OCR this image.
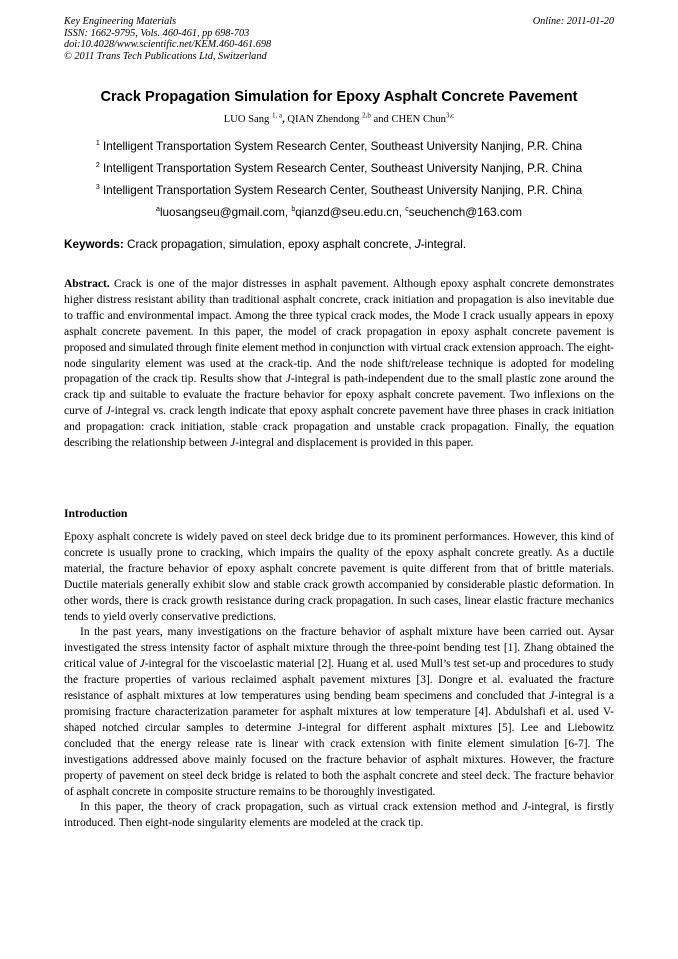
Key Engineering Materials
ISSN: 1662-9795, Vols. 460-461, pp 698-703
doi:10.4028/www.scientific.net/KEM.460-461.698
© 2011 Trans Tech Publications Ltd, Switzerland
Online: 2011-01-20
Crack Propagation Simulation for Epoxy Asphalt Concrete Pavement
LUO Sang $^{1, a}$, QIAN Zhendong $^{2,b}$ and CHEN Chun$^{3,c}$
$^1$ Intelligent Transportation System Research Center, Southeast University Nanjing, P.R. China
$^2$ Intelligent Transportation System Research Center, Southeast University Nanjing, P.R. China
$^3$ Intelligent Transportation System Research Center, Southeast University Nanjing, P.R. China
$^a$luosangseu@gmail.com, $^b$qianzd@seu.edu.cn, $^c$seuchench@163.com
Keywords: Crack propagation, simulation, epoxy asphalt concrete, J-integral.

Abstract. Crack is one of the major distresses in asphalt pavement. Although epoxy asphalt concrete demonstrates higher distress resistant ability than traditional asphalt concrete, crack initiation and propagation is also inevitable due to traffic and environmental impact. Among the three typical crack modes, the Mode I crack usually appears in epoxy asphalt concrete pavement. In this paper, the model of crack propagation in epoxy asphalt concrete pavement is proposed and simulated through finite element method in conjunction with virtual crack extension approach. The eight-node singularity element was used at the crack-tip. And the node shift/release technique is adopted for modeling propagation of the crack tip. Results show that J-integral is path-independent due to the small plastic zone around the crack tip and suitable to evaluate the fracture behavior for epoxy asphalt concrete pavement. Two inflexions on the curve of J-integral vs. crack length indicate that epoxy asphalt concrete pavement have three phases in crack initiation and propagation: crack initiation, stable crack propagation and unstable crack propagation. Finally, the equation describing the relationship between J-integral and displacement is provided in this paper.

Introduction

Epoxy asphalt concrete is widely paved on steel deck bridge due to its prominent performances. However, this kind of concrete is usually prone to cracking, which impairs the quality of the epoxy asphalt concrete greatly. As a ductile material, the fracture behavior of epoxy asphalt concrete pavement is quite different from that of brittle materials. Ductile materials generally exhibit slow and stable crack growth accompanied by considerable plastic deformation. In other words, there is crack growth resistance during crack propagation. In such cases, linear elastic fracture mechanics tends to yield overly conservative predictions.

In the past years, many investigations on the fracture behavior of asphalt mixture have been carried out. Aysar investigated the stress intensity factor of asphalt mixture through the three-point bending test [1]. Zhang obtained the critical value of J-integral for the viscoelastic material [2]. Huang et al. used Mull’s test set-up and procedures to study the fracture properties of various reclaimed asphalt pavement mixtures [3]. Dongre et al. evaluated the fracture resistance of asphalt mixtures at low temperatures using bending beam specimens and concluded that J-integral is a promising fracture characterization parameter for asphalt mixtures at low temperature [4]. Abdulshafi et al. used V-shaped notched circular samples to determine J-integral for different asphalt mixtures [5]. Lee and Liebowitz concluded that the energy release rate is linear with crack extension with finite element simulation [6-7]. The investigations addressed above mainly focused on the fracture behavior of asphalt mixtures. However, the fracture property of pavement on steel deck bridge is related to both the asphalt concrete and steel deck. The fracture behavior of asphalt concrete in composite structure remains to be thoroughly investigated.

In this paper, the theory of crack propagation, such as virtual crack extension method and J-integral, is firstly introduced. Then eight-node singularity elements are modeled at the crack tip.
